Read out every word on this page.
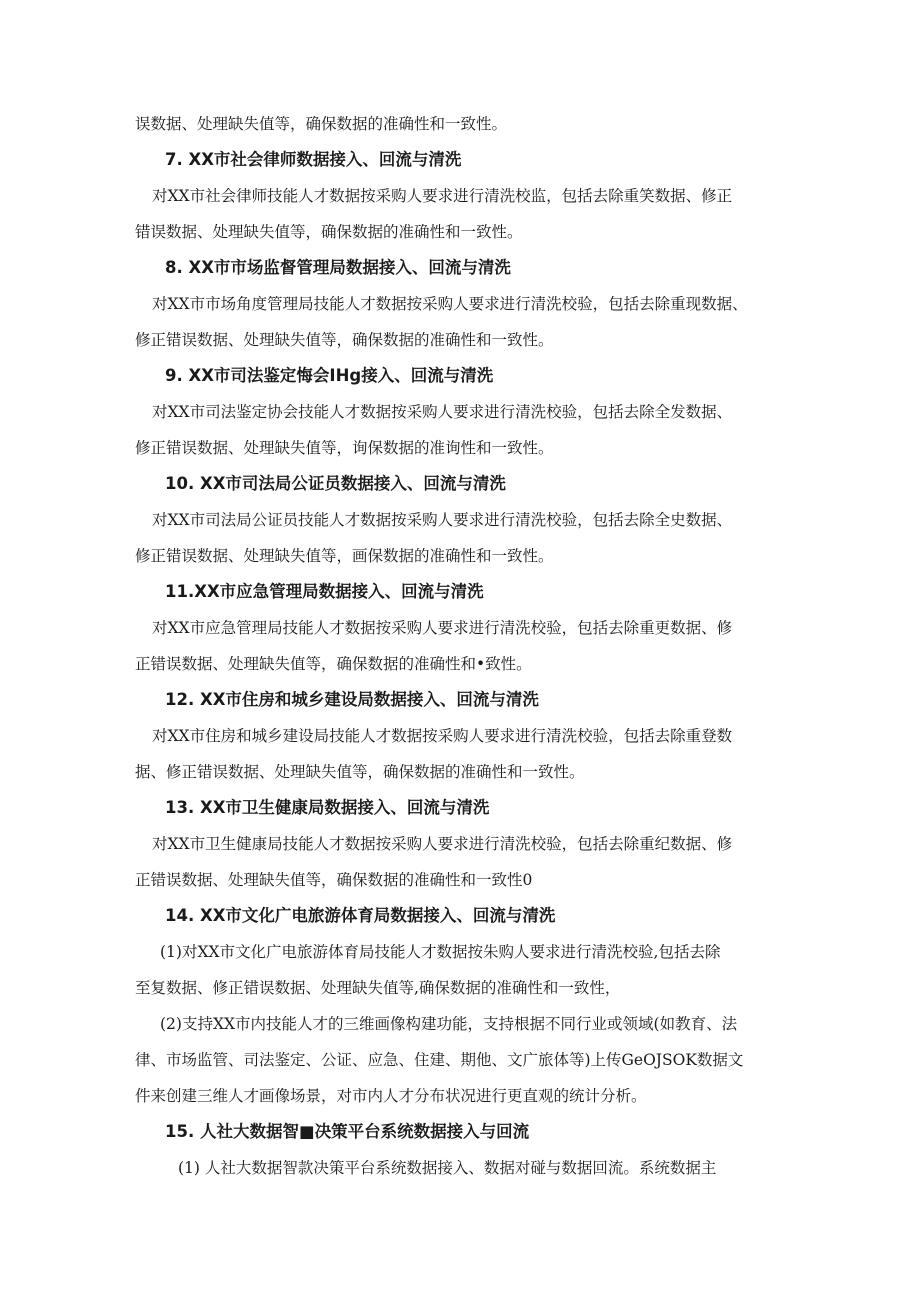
误数据、处理缺失值等，确保数据的准确性和一致性。
7. XX市社会律师数据接入、回流与清洗
对XX市社会律师技能人才数据按采购人要求进行清洗校监，包括去除重笑数据、修正
错误数据、处理缺失值等，确保数据的准确性和一致性。
8. XX市市场监督管理局数据接入、回流与清洗
对XX市市场角度管理局技能人才数据按采购人要求进行清洗校验，包括去除重现数据、
修正错误数据、处理缺失值等，确保数据的准确性和一致性。
9. XX市司法鉴定悔会IHg接入、回流与清洗
对XX市司法鉴定协会技能人才数据按采购人要求进行清洗校验，包括去除全发数据、
修正错误数据、处理缺失值等，询保数据的准询性和一致性。
10. XX市司法局公证员数据接入、回流与清洗
对XX市司法局公证员技能人才数据按采购人要求进行清洗校验，包括去除全史数据、
修正错误数据、处理缺失值等，画保数据的准确性和一致性。
11.XX市应急管理局数据接入、回流与清洗
对XX市应急管理局技能人才数据按采购人要求进行清洗校验，包括去除重更数据、修
正错误数据、处理缺失值等，确保数据的准确性和•致性。
12. XX市住房和城乡建设局数据接入、回流与清洗
对XX市住房和城乡建设局技能人才数据按采购人要求进行清洗校验，包括去除重登数
据、修正错误数据、处理缺失值等，确保数据的准确性和一致性。
13. XX市卫生健康局数据接入、回流与清洗
对XX市卫生健康局技能人才数据按采购人要求进行清洗校验，包括去除重纪数据、修
正错误数据、处理缺失值等，确保数据的准确性和一致性0
14. XX市文化广电旅游体育局数据接入、回流与清洗
(1)对XX市文化广电旅游体育局技能人才数据按朱购人要求进行清洗校验,包括去除
至复数据、修正错误数据、处理缺失值等,确保数据的准确性和一致性，
(2)支持XX市内技能人才的三维画像构建功能，支持根据不同行业或领域(如教育、法
律、市场监管、司法鉴定、公证、应急、住建、期他、文广旅体等)上传GeOJSOK数据文
件来创建三维人才画像场景，对市内人才分布状况进行更直观的统计分析。
15. 人社大数据智■决策平台系统数据接入与回流
(1) 人社大数据智款决策平台系统数据接入、数据对碰与数据回流。系统数据主
